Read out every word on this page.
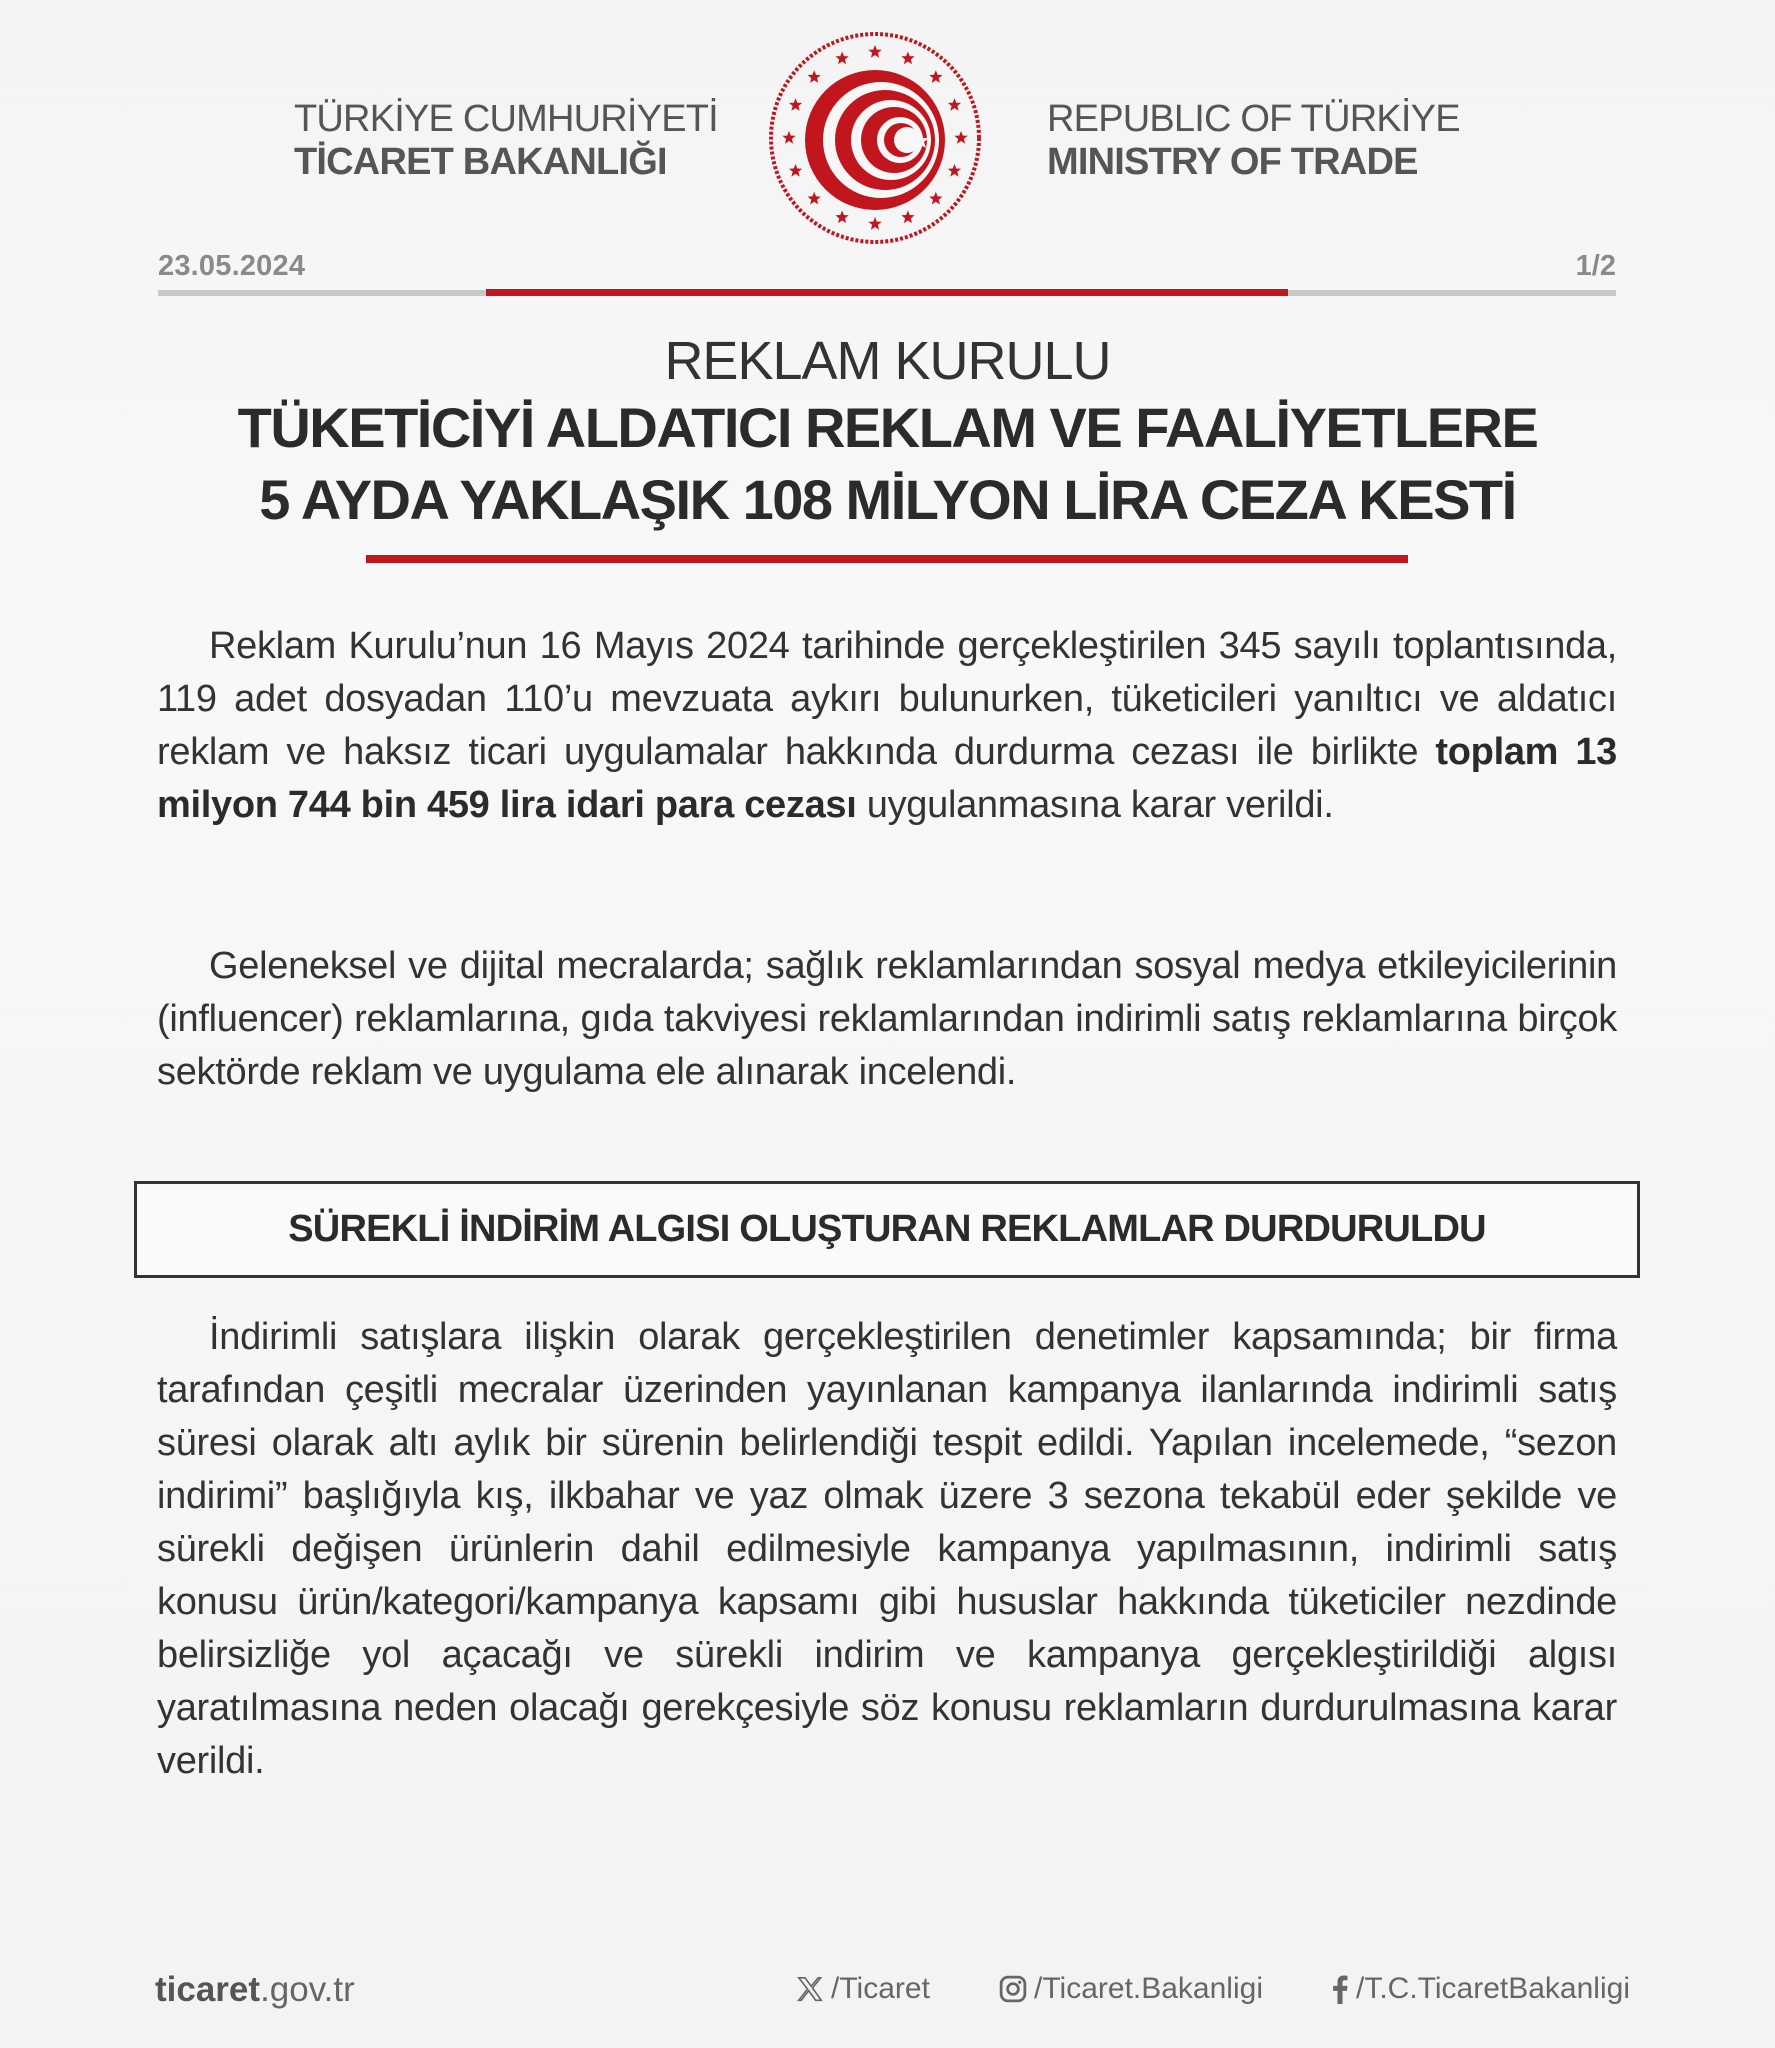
TÜRKİYE CUMHURİYETİ
TİCARET BAKANLIĞI
REPUBLIC OF TÜRKİYE
MINISTRY OF TRADE
23.05.2024	1/2
REKLAM KURULU
TÜKETİCİYİ ALDATICI REKLAM VE FAALİYETLERE
5 AYDA YAKLAŞIK 108 MİLYON LİRA CEZA KESTİ
Reklam Kurulu’nun 16 Mayıs 2024 tarihinde gerçekleştirilen 345 sayılı toplantısında, 119 adet dosyadan 110’u mevzuata aykırı bulunurken, tüketicileri yanıltıcı ve aldatıcı reklam ve haksız ticari uygulamalar hakkında durdurma cezası ile birlikte toplam 13 milyon 744 bin 459 lira idari para cezası uygulanmasına karar verildi.
Geleneksel ve dijital mecralarda; sağlık reklamlarından sosyal medya etkileyicilerinin (influencer) reklamlarına, gıda takviyesi reklamlarından indirimli satış reklamlarına birçok sektörde reklam ve uygulama ele alınarak incelendi.
SÜREKLİ İNDİRİM ALGISI OLUŞTURAN REKLAMLAR DURDURULDU
İndirimli satışlara ilişkin olarak gerçekleştirilen denetimler kapsamında; bir firma tarafından çeşitli mecralar üzerinden yayınlanan kampanya ilanlarında indirimli satış süresi olarak altı aylık bir sürenin belirlendiği tespit edildi. Yapılan incelemede, “sezon indirimi” başlığıyla kış, ilkbahar ve yaz olmak üzere 3 sezona tekabül eder şekilde ve sürekli değişen ürünlerin dahil edilmesiyle kampanya yapılmasının, indirimli satış konusu ürün/kategori/kampanya kapsamı gibi hususlar hakkında tüketiciler nezdinde belirsizliğe yol açacağı ve sürekli indirim ve kampanya gerçekleştirildiği algısı yaratılmasına neden olacağı gerekçesiyle söz konusu reklamların durdurulmasına karar verildi.
ticaret.gov.tr	/Ticaret	/Ticaret.Bakanligi	/T.C.TicaretBakanligi
